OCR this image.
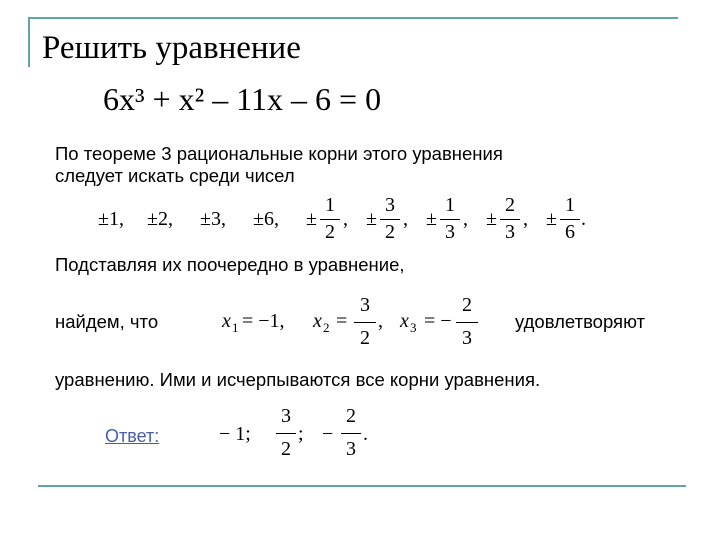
Решить уравнение
6x³ + x² – 11x – 6 = 0
По теореме 3 рациональные корни этого уравнения
следует искать среди чисел
±1, ±2, ±3, ±6, ±
1
2
, ±
3
2
, ±
1
3
, ±
2
3
, ±
1
6
.
Подставляя их поочередно в уравнение,
найдем, что	x 1 = −1, x 2 =
3
2
, x 3 = −
2
3
удовлетворяют
уравнению. Ими и исчерпываются все корни уравнения.
Ответ:	− 1;
3
2
; −
2
3
.
